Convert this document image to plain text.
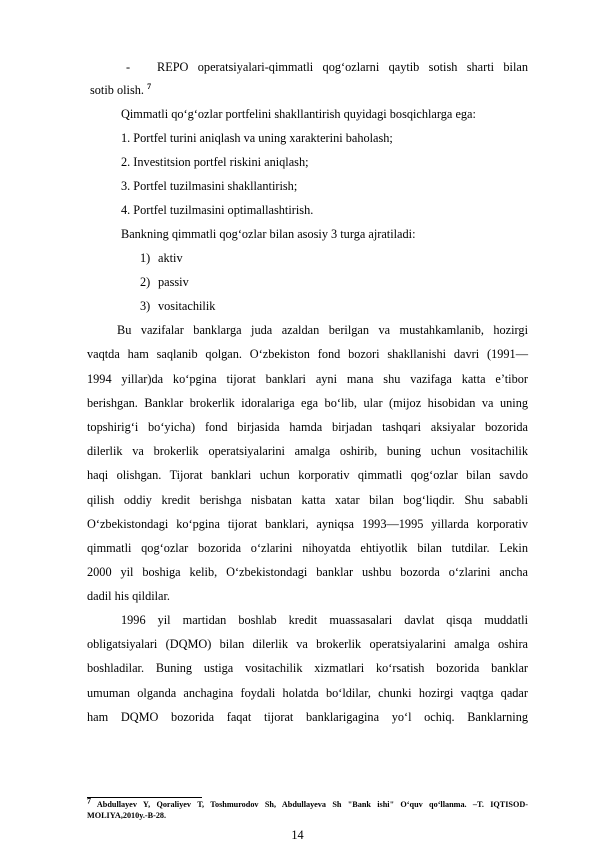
- REPO operatsiyalari-qimmatli qog‘ozlarni qaytib sotish sharti bilan
sotib olish. $^7$
Qimmatli qo‘g‘ozlar portfelini shakllantirish quyidagi bosqichlarga ega:
1. Portfel turini aniqlash va uning xarakterini baholash;
2. Investitsion portfel riskini aniqlash;
3. Portfel tuzilmasini shakllantirish;
4. Portfel tuzilmasini optimallashtirish.
Bankning qimmatli qog‘ozlar bilan asosiy 3 turga ajratiladi:
1) aktiv
2) passiv
3) vositachilik
Bu vazifalar banklarga juda azaldan berilgan va mustahkamlanib, hozirgi
vaqtda ham saqlanib qolgan. O‘zbekiston fond bozori shakllanishi davri (1991—
1994 yillar)da ko‘pgina tijorat banklari ayni mana shu vazifaga katta e’tibor
berishgan. Banklar brokerlik idoralariga ega bo‘lib, ular (mijoz hisobidan va uning
topshirig‘i bo‘yicha) fond birjasida hamda birjadan tashqari aksiyalar bozorida
dilerlik va brokerlik operatsiyalarini amalga oshirib, buning uchun vositachilik
haqi olishgan. Tijorat banklari uchun korporativ qimmatli qog‘ozlar bilan savdo
qilish oddiy kredit berishga nisbatan katta xatar bilan bog‘liqdir. Shu sababli
O‘zbekistondagi ko‘pgina tijorat banklari, ayniqsa 1993—1995 yillarda korporativ
qimmatli qog‘ozlar bozorida o‘zlarini nihoyatda ehtiyotlik bilan tutdilar. Lekin
2000 yil boshiga kelib, O‘zbekistondagi banklar ushbu bozorda o‘zlarini ancha
dadil his qildilar.
1996 yil martidan boshlab kredit muassasalari davlat qisqa muddatli
obligatsiyalari (DQMO) bilan dilerlik va brokerlik operatsiyalarini amalga oshira
boshladilar. Buning ustiga vositachilik xizmatlari ko‘rsatish bozorida banklar
umuman olganda anchagina foydali holatda bo‘ldilar, chunki hozirgi vaqtga qadar
ham DQMO bozorida faqat tijorat banklarigagina yo‘l ochiq. Banklarning
$^7$ Abdullayev Y, Qoraliyev T, Toshmurodov Sh, Abdullayeva Sh "Bank ishi" O‘quv qo‘llanma. –T. IQTISOD-
MOLIYA,2010y.-B-28.
14
